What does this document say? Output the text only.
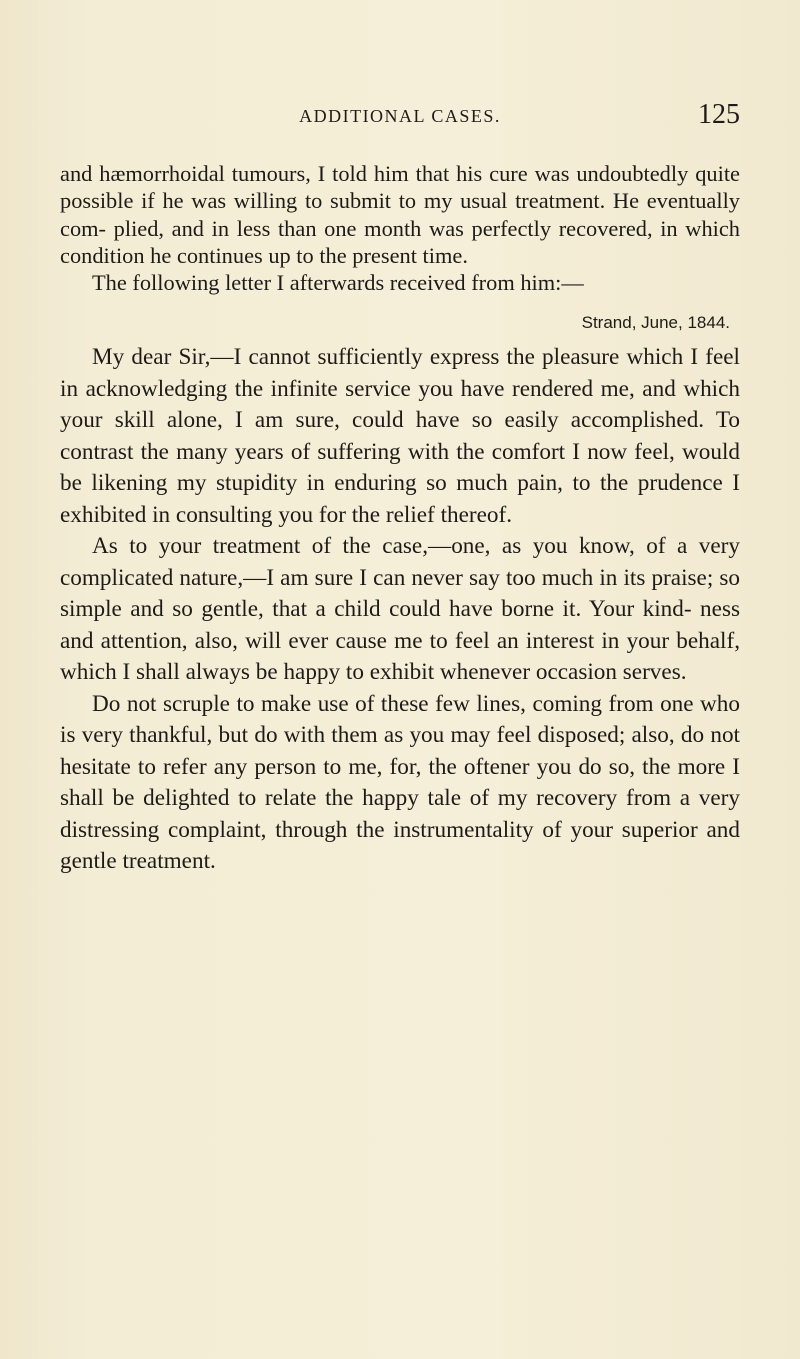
ADDITIONAL CASES.	125

and hæmorrhoidal tumours, I told him that his cure was undoubtedly quite possible if he was willing to submit to my usual treatment. He eventually com- plied, and in less than one month was perfectly recovered, in which condition he continues up to the present time.

The following letter I afterwards received from him:—

Strand, June, 1844.

My dear Sir,—I cannot sufficiently express the pleasure which I feel in acknowledging the infinite service you have rendered me, and which your skill alone, I am sure, could have so easily accomplished. To contrast the many years of suffering with the comfort I now feel, would be likening my stupidity in enduring so much pain, to the prudence I exhibited in consulting you for the relief thereof.

As to your treatment of the case,—one, as you know, of a very complicated nature,—I am sure I can never say too much in its praise; so simple and so gentle, that a child could have borne it. Your kind- ness and attention, also, will ever cause me to feel an interest in your behalf, which I shall always be happy to exhibit whenever occasion serves.

Do not scruple to make use of these few lines, coming from one who is very thankful, but do with them as you may feel disposed; also, do not hesitate to refer any person to me, for, the oftener you do so, the more I shall be delighted to relate the happy tale of my recovery from a very distressing complaint, through the instrumentality of your superior and gentle treatment.
